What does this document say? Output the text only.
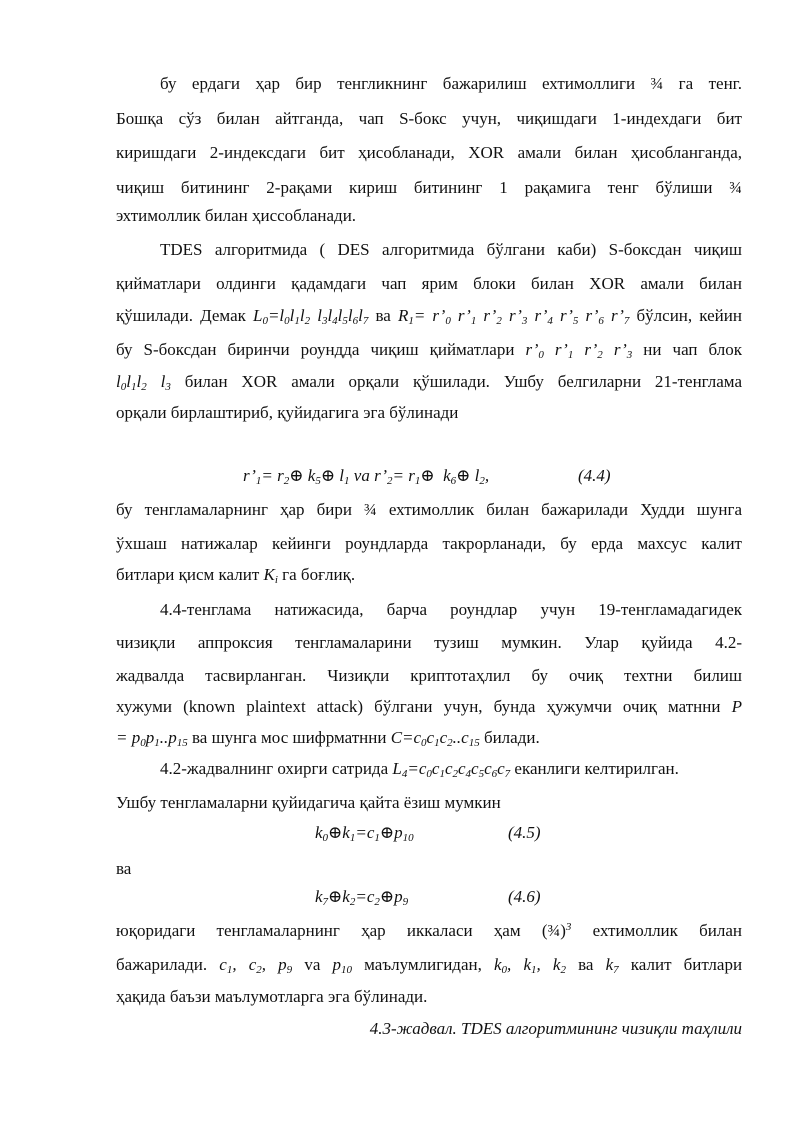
бу ердаги ҳар бир тенгликнинг бажарилиш ехтимоллиги ¾ га тенг.
Бошқа сўз билан айтганда, чап S-бокс учун, чиқишдаги 1-индехдаги бит
киришдаги 2-индексдаги бит ҳисобланади, XOR амали билан ҳисобланганда,
чиқиш битининг 2-рақами кириш битининг 1 рақамига тенг бўлиши ¾
эхтимоллик билан ҳиссобланади.
TDES алгоритмида ( DES алгоритмида бўлгани каби) S-боксдан чиқиш
қийматлари олдинги қадамдаги чап ярим блоки билан XOR амали билан
қўшилади. Демак $L_0=l_0l_1l_2$ $l_3l_4l_5l_6l_7$ ва $R_1=$ $r’_0$ $r’_1$ $r’_2$ $r’_3$ $r’_4$ $r’_5$ $r’_6$ $r’_7$ бўлсин, кейин
бу S-боксдан биринчи роундда чиқиш қийматлари $r’_0$ $r’_1$ $r’_2$ $r’_3$ ни чап блок
$l_0l_1l_2$ $l_3$ билан XOR амали орқали қўшилади. Ушбу белгиларни 21-тенглама
орқали бирлаштириб, қуйидагига эга бўлинади
$r’_1=$ $r_2\oplus$ $k_5\oplus$ $l_1$ va $r’_2=$ $r_1\oplus$  $k_6\oplus$ $l_2$,	(4.4)
бу тенгламаларнинг ҳар бири ¾ ехтимоллик билан бажарилади Худди шунга
ўхшаш натижалар кейинги роундларда такрорланади, бу ерда махсус калит
битлари қисм калит $K_i$ га боғлиқ.
4.4-тенглама натижасида, барча роундлар учун 19-тенгламадагидек
чизиқли аппроксия тенгламаларини тузиш мумкин. Улар қуйида 4.2-
жадвалда тасвирланган. Чизиқли криптотаҳлил бу очиқ техтни билиш
хужуми (known plaintext attack) бўлгани учун, бунда ҳужумчи очиқ матнни P
= $p_0p_1..p_{15}$ ва шунга мос шифрматнни $C=c_0c_1c_2..c_{15}$ билади.
4.2-жадвалнинг охирги сатрида $L_4=c_0c_1c_2c_4c_5c_6c_7$ еканлиги келтирилган.
Ушбу тенгламаларни қуйидагича қайта ёзиш мумкин
$k_0\oplus k_1=c_1\oplus p_{10}$	(4.5)
ва
$k_7\oplus k_2=c_2\oplus p_9$	(4.6)
юқоридаги тенгламаларнинг ҳар иккаласи ҳам (¾)$^3$ ехтимоллик билан
бажарилади. $c_1$, $c_2$, $p_9$ va $p_{10}$ маълумлигидан, $k_0$, $k_1$, $k_2$ ва $k_7$ калит битлари
ҳақида баъзи маълумотларга эга бўлинади.
4.3-жадвал. TDES алгоритмининг чизиқли таҳлили
